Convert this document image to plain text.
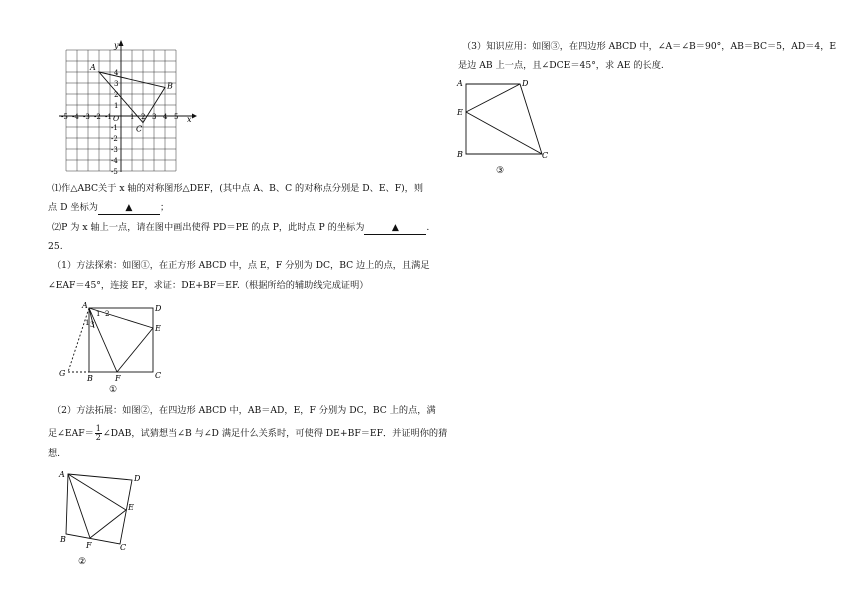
x
y
O
-5 -4 -3 -2 -1	1 2 3 4 5
1
2
3
4
-1
-2
-3
-4
-5
A
B
C
⑴作△ABC关于 x 轴的对称图形△DEF，(其中点 A、B、C 的对称点分别是 D、E、F)，则
点 D 坐标为	▲	；
⑵P 为 x 轴上一点，请在图中画出使得 PD＝PE 的点 P，此时点 P 的坐标为	▲	.
25.
（1）方法探索：如图①，在正方形 ABCD 中，点 E，F 分别为 DC，BC 边上的点，且满足
∠EAF＝45°，连接 EF，求证：DE+BF＝EF.（根据所给的辅助线完成证明）
A	D
E
C
B	F
G
1 2
3
1
①
（2）方法拓展：如图②，在四边形 ABCD 中，AB＝AD，E，F 分别为 DC，BC 上的点，满
足∠EAF＝ $\frac{1}{2}$ ∠DAB，试猜想当∠B 与∠D 满足什么关系时，可使得 DE+BF＝EF．并证明你的猜
想.
A	D
E
B
F	C
②
（3）知识应用：如图③，在四边形 ABCD 中，∠A＝∠B＝90°，AB＝BC＝5，AD＝4，E
是边 AB 上一点，且∠DCE＝45°，求 AE 的长度.
A	D
E
B	C
③
